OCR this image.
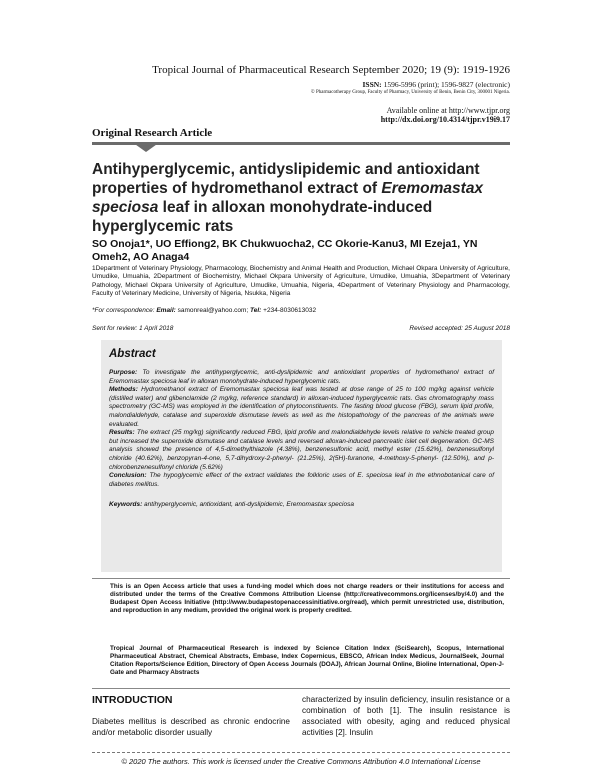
Tropical Journal of Pharmaceutical Research September 2020; 19 (9): 1919-1926
ISSN: 1596-5996 (print); 1596-9827 (electronic)
© Pharmacotherapy Group, Faculty of Pharmacy, University of Benin, Benin City, 300001 Nigeria.
Available online at http://www.tjpr.org
http://dx.doi.org/10.4314/tjpr.v19i9.17
Original Research Article
Antihyperglycemic, antidyslipidemic and antioxidant properties of hydromethanol extract of Eremomastax speciosa leaf in alloxan monohydrate-induced hyperglycemic rats
SO Onoja1*, UO Effiong2, BK Chukwuocha2, CC Okorie-Kanu3, MI Ezeja1, YN Omeh2, AO Anaga4
1Department of Veterinary Physiology, Pharmacology, Biochemistry and Animal Health and Production, Michael Okpara University of Agriculture, Umudike, Umuahia, 2Department of Biochemistry, Michael Okpara University of Agriculture, Umudike, Umuahia, 3Department of Veterinary Pathology, Michael Okpara University of Agriculture, Umudike, Umuahia, Nigeria, 4Department of Veterinary Physiology and Pharmacology, Faculty of Veterinary Medicine, University of Nigeria, Nsukka, Nigeria
*For correspondence: Email: samonreal@yahoo.com; Tel: +234-8030613032
Sent for review: 1 April 2018	Revised accepted: 25 August 2018
Abstract

Purpose: To investigate the antihyperglycemic, anti-dyslipidemic and antioxidant properties of hydromethanol extract of Eremomastax speciosa leaf in alloxan monohydrate-induced hyperglycemic rats.

Methods: Hydromethanol extract of Eremomastax speciosa leaf was tested at dose range of 25 to 100 mg/kg against vehicle (distilled water) and glibenclamide (2 mg/kg, reference standard) in alloxan-induced hyperglycemic rats. Gas chromatography mass spectrometry (GC-MS) was employed in the identification of phytoconstituents. The fasting blood glucose (FBG), serum lipid profile, malondialdehyde, catalase and superoxide dismutase levels as well as the histopathology of the pancreas of the animals were evaluated.

Results: The extract (25 mg/kg) significantly reduced FBG, lipid profile and malondialdehyde levels relative to vehicle treated group but increased the superoxide dismutase and catalase levels and reversed alloxan-induced pancreatic islet cell degeneration. GC-MS analysis showed the presence of 4,5-dimethylthiazole (4.38%), benzenesulfonic acid, methyl ester (15.62%), benzenesulfonyl chloride (40.62%), benzopyran-4-one, 5,7-dihydroxy-2-phenyl- (21.25%), 2(5H)-furanone, 4-methoxy-5-phenyl- (12.50%), and p-chlorobenzenesulfonyl chloride (5.62%)

Conclusion: The hypoglycemic effect of the extract validates the folkloric uses of E. speciosa leaf in the ethnobotanical care of diabetes mellitus.

Keywords: antihyperglycemic, antioxidant, anti-dyslipidemic, Eremomastax speciosa
This is an Open Access article that uses a fund-ing model which does not charge readers or their institutions for access and distributed under the terms of the Creative Commons Attribution License (http://creativecommons.org/licenses/by/4.0) and the Budapest Open Access Initiative (http://www.budapestopenaccessinitiative.org/read), which permit unrestricted use, distribution, and reproduction in any medium, provided the original work is properly credited.
Tropical Journal of Pharmaceutical Research is indexed by Science Citation Index (SciSearch), Scopus, International Pharmaceutical Abstract, Chemical Abstracts, Embase, Index Copernicus, EBSCO, African Index Medicus, JournalSeek, Journal Citation Reports/Science Edition, Directory of Open Access Journals (DOAJ), African Journal Online, Bioline International, Open-J-Gate and Pharmacy Abstracts
INTRODUCTION
Diabetes mellitus is described as chronic endocrine and/or metabolic disorder usually
characterized by insulin deficiency, insulin resistance or a combination of both [1]. The insulin resistance is associated with obesity, aging and reduced physical activities [2]. Insulin
© 2020 The authors. This work is licensed under the Creative Commons Attribution 4.0 International License
